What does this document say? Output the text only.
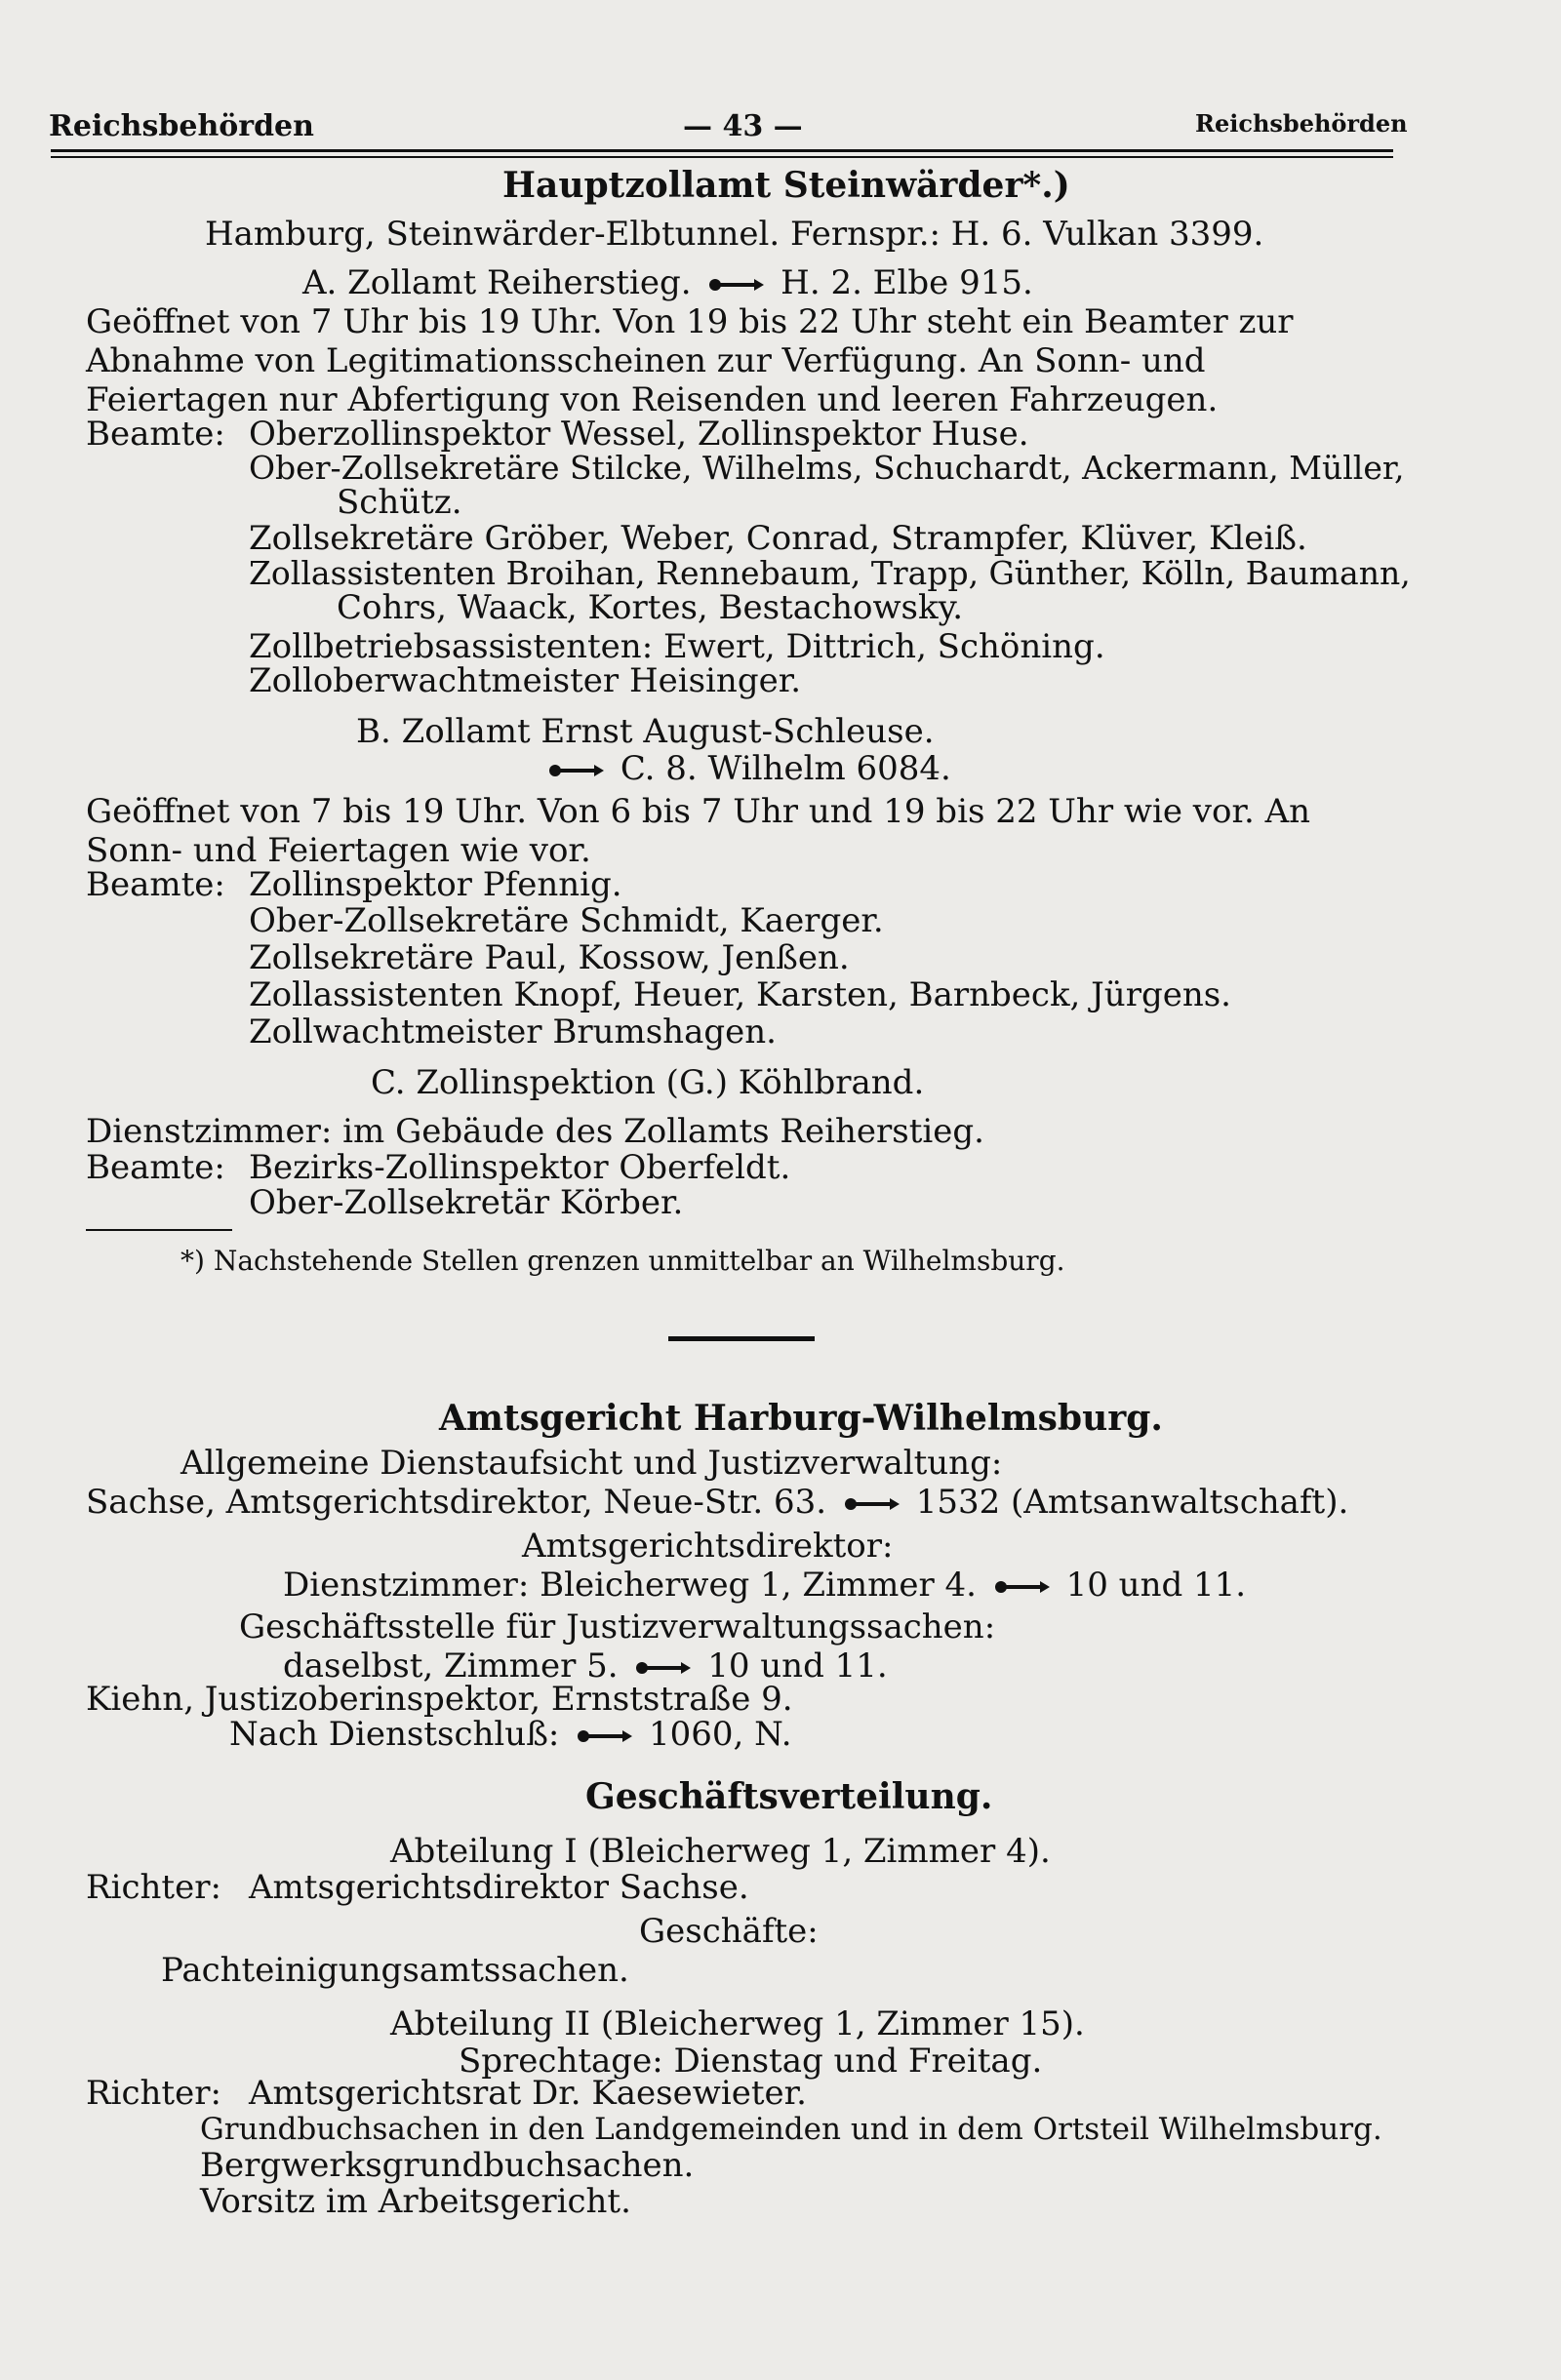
Reichsbehörden	— 43 —	Reichsbehörden
Hauptzollamt Steinwärder*.)
Hamburg, Steinwärder-Elbtunnel. Fernspr.: H. 6. Vulkan 3399.
A. Zollamt Reiherstieg.	H. 2. Elbe 915.
Geöffnet von 7 Uhr bis 19 Uhr. Von 19 bis 22 Uhr steht ein Beamter zur
Abnahme von Legitimationsscheinen zur Verfügung. An Sonn- und
Feiertagen nur Abfertigung von Reisenden und leeren Fahrzeugen.
Beamte: Oberzollinspektor Wessel, Zollinspektor Huse.
Ober-Zollsekretäre Stilcke, Wilhelms, Schuchardt, Ackermann, Müller,
Schütz.
Zollsekretäre Gröber, Weber, Conrad, Strampfer, Klüver, Kleiß.
Zollassistenten Broihan, Rennebaum, Trapp, Günther, Kölln, Baumann,
Cohrs, Waack, Kortes, Bestachowsky.
Zollbetriebsassistenten: Ewert, Dittrich, Schöning.
Zolloberwachtmeister Heisinger.
B. Zollamt Ernst August-Schleuse.
C. 8. Wilhelm 6084.
Geöffnet von 7 bis 19 Uhr. Von 6 bis 7 Uhr und 19 bis 22 Uhr wie vor. An
Sonn- und Feiertagen wie vor.
Beamte: Zollinspektor Pfennig.
Ober-Zollsekretäre Schmidt, Kaerger.
Zollsekretäre Paul, Kossow, Jenßen.
Zollassistenten Knopf, Heuer, Karsten, Barnbeck, Jürgens.
Zollwachtmeister Brumshagen.
C. Zollinspektion (G.) Köhlbrand.
Dienstzimmer: im Gebäude des Zollamts Reiherstieg.
Beamte: Bezirks-Zollinspektor Oberfeldt.
Ober-Zollsekretär Körber.
*) Nachstehende Stellen grenzen unmittelbar an Wilhelmsburg.
Amtsgericht Harburg-Wilhelmsburg.
Allgemeine Dienstaufsicht und Justizverwaltung:
Sachse, Amtsgerichtsdirektor, Neue-Str. 63.	1532 (Amtsanwaltschaft).
Amtsgerichtsdirektor:
Dienstzimmer: Bleicherweg 1, Zimmer 4.	10 und 11.
Geschäftsstelle für Justizverwaltungssachen:
daselbst, Zimmer 5.	10 und 11.
Kiehn, Justizoberinspektor, Ernststraße 9.
Nach Dienstschluß:	1060, N.
Geschäftsverteilung.
Abteilung I (Bleicherweg 1, Zimmer 4).
Richter: Amtsgerichtsdirektor Sachse.
Geschäfte:
Pachteinigungsamtssachen.
Abteilung II (Bleicherweg 1, Zimmer 15).
Sprechtage: Dienstag und Freitag.
Richter: Amtsgerichtsrat Dr. Kaesewieter.
Grundbuchsachen in den Landgemeinden und in dem Ortsteil Wilhelmsburg.
Bergwerksgrundbuchsachen.
Vorsitz im Arbeitsgericht.
